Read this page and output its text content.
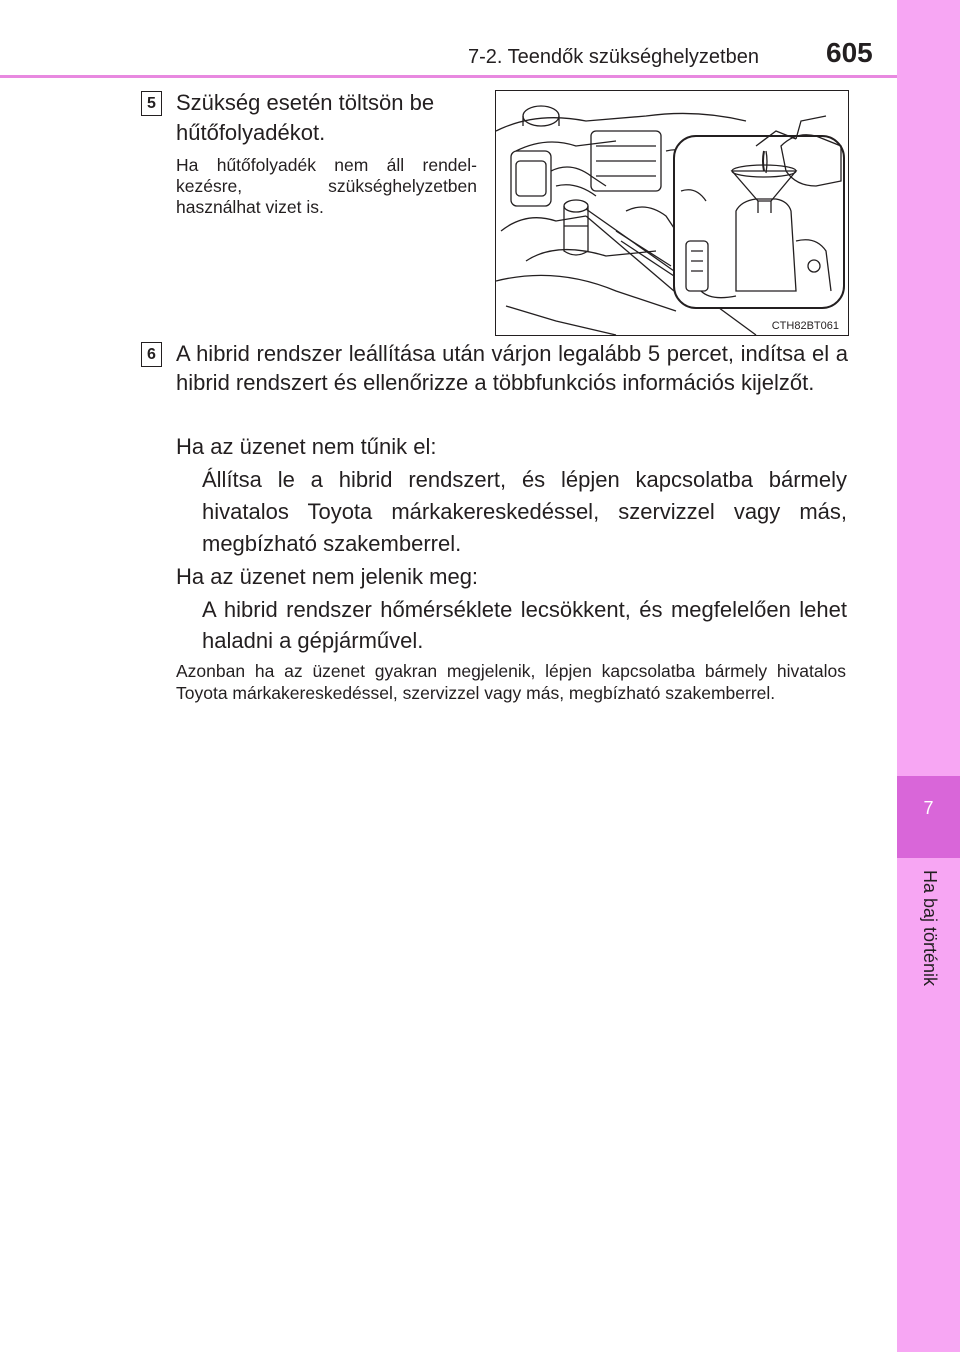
7-2. Teendők szükséghelyzetben 605
7
Ha baj történik
5 Szükség esetén töltsön be
hűtőfolyadékot.
Ha hűtőfolyadék nem áll rendel-
kezésre, szükséghelyzetben
használhat vizet is.
CTH82BT061
6 A hibrid rendszer leállítása után várjon legalább 5 percet, indítsa el a hibrid rendszert és ellenőrizze a többfunkciós információs kijelzőt.
Ha az üzenet nem tűnik el:
Állítsa le a hibrid rendszert, és lépjen kapcsolatba bármely hivatalos Toyota márkakereskedéssel, szervizzel vagy más, megbízható szakemberrel.
Ha az üzenet nem jelenik meg:
A hibrid rendszer hőmérséklete lecsökkent, és megfelelően lehet haladni a gépjárművel.
Azonban ha az üzenet gyakran megjelenik, lépjen kapcsolatba bármely hivatalos Toyota márkakereskedéssel, szervizzel vagy más, megbízható szakemberrel.
